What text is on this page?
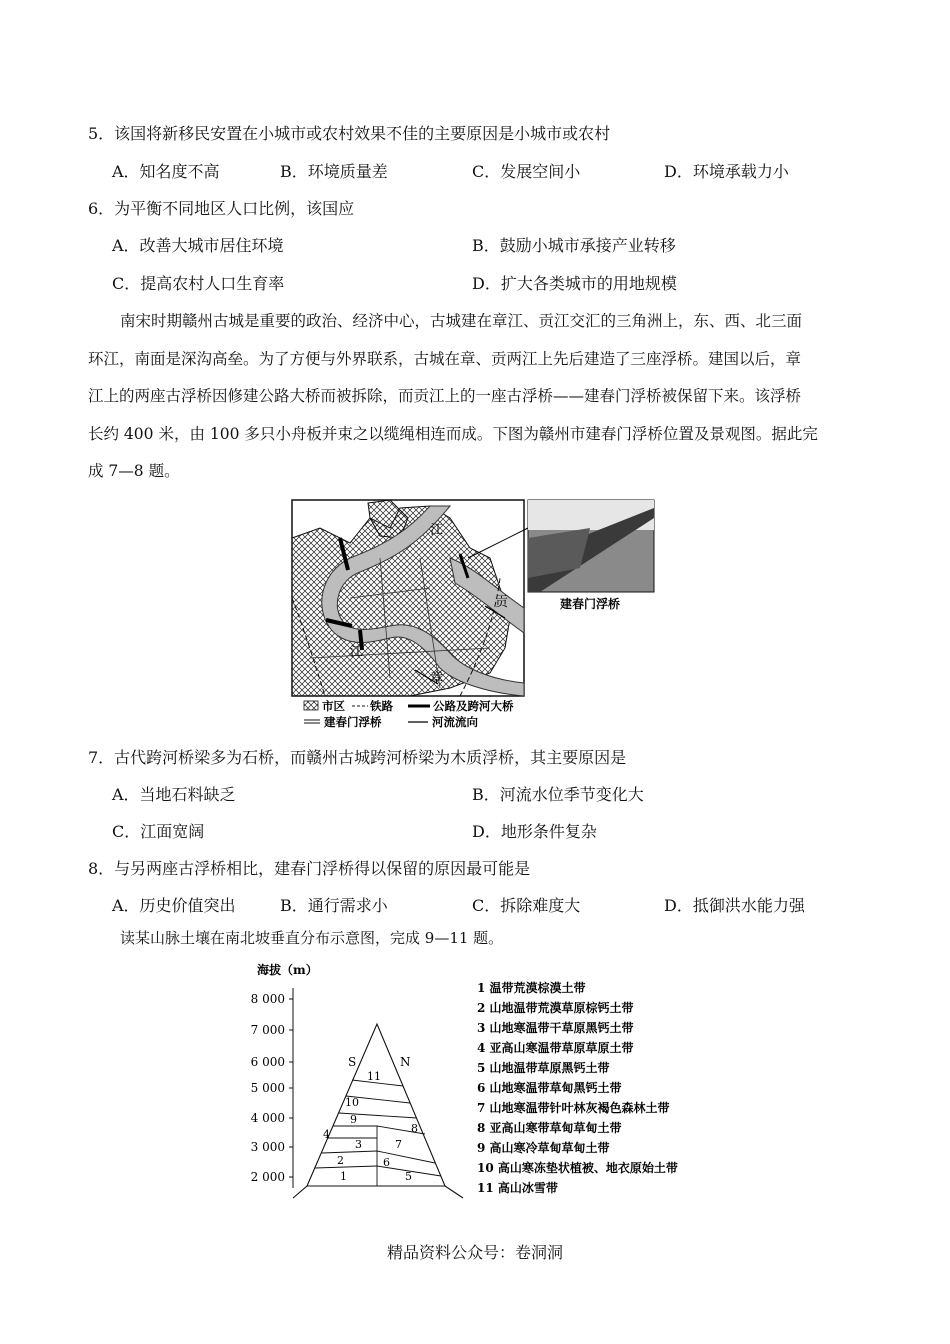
5．该国将新移民安置在小城市或农村效果不佳的主要原因是小城市或农村
A．知名度不高	B．环境质量差	C．发展空间小	D．环境承载力小
6．为平衡不同地区人口比例，该国应
A．改善大城市居住环境	B．鼓励小城市承接产业转移
C．提高农村人口生育率	D．扩大各类城市的用地规模
南宋时期赣州古城是重要的政治、经济中心，古城建在章江、贡江交汇的三角洲上，东、西、北三面
环江，南面是深沟高垒。为了方便与外界联系，古城在章、贡两江上先后建造了三座浮桥。建国以后，章
江上的两座古浮桥因修建公路大桥而被拆除，而贡江上的一座古浮桥——建春门浮桥被保留下来。该浮桥
长约 400 米，由 100 多只小舟板并束之以缆绳相连而成。下图为赣州市建春门浮桥位置及景观图。据此完
成 7—8 题。
江
贡
江
章
建春门浮桥
市区 铁路	公路及跨河大桥
建春门浮桥	河流流向
7．古代跨河桥梁多为石桥，而赣州古城跨河桥梁为木质浮桥，其主要原因是
A．当地石料缺乏	B．河流水位季节变化大
C．江面宽阔	D．地形条件复杂
8．与另两座古浮桥相比，建春门浮桥得以保留的原因最可能是
A．历史价值突出	B．通行需求小	C．拆除难度大	D．抵御洪水能力强
读某山脉土壤在南北坡垂直分布示意图，完成 9—11 题。
海拔（m）
8 000
7 000
6 000
5 000
4 000
3 000
2 000
S	N
1
2
3
4
5
6
7
8
9
10
11
1 温带荒漠棕漠土带
2 山地温带荒漠草原棕钙土带
3 山地寒温带干草原黑钙土带
4 亚高山寒温带草原草原土带
5 山地温带草原黑钙土带
6 山地寒温带草甸黑钙土带
7 山地寒温带针叶林灰褐色森林土带
8 亚高山寒带草甸草甸土带
9 高山寒冷草甸草甸土带
10 高山寒冻垫状植被、地衣原始土带
11 高山冰雪带
精品资料公众号：卷洞洞
